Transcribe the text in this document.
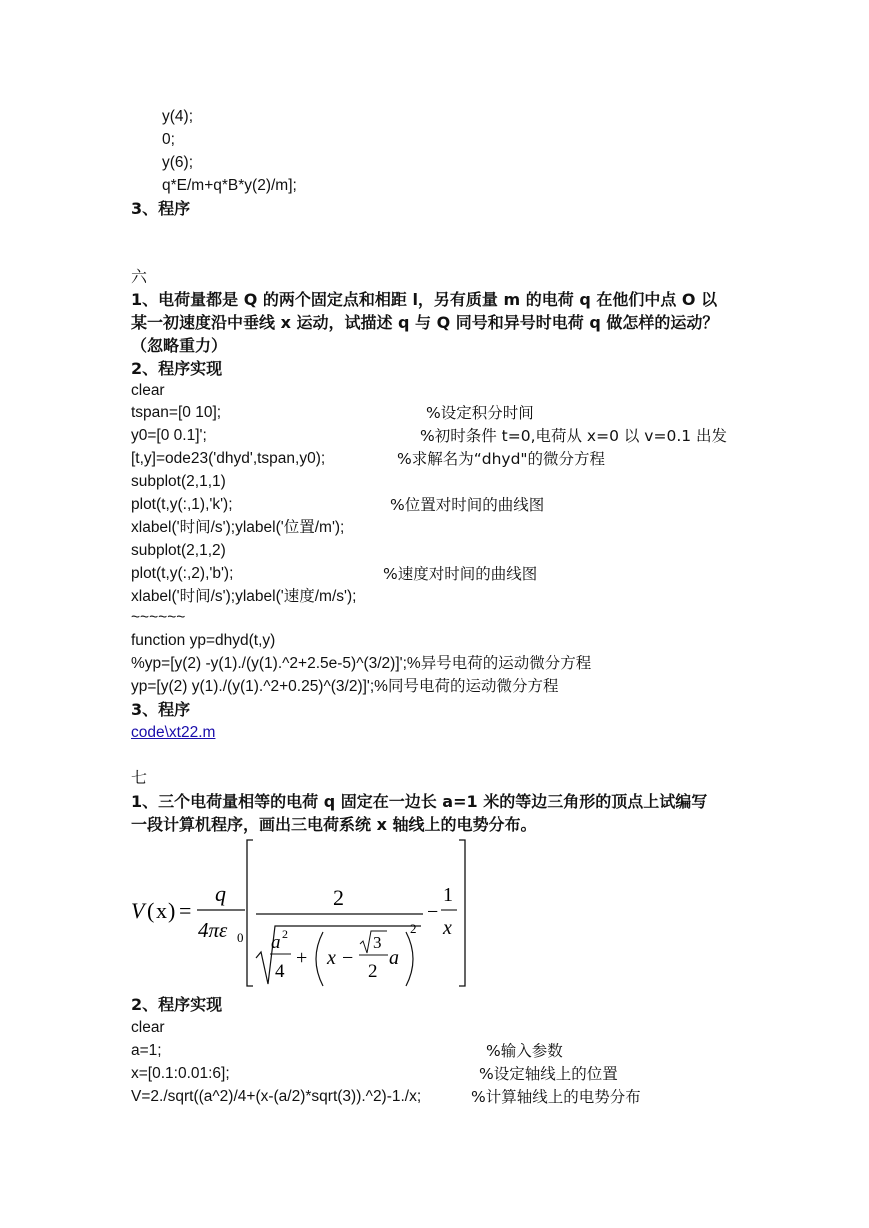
y(4);
0;
y(6);
q*E/m+q*B*y(2)/m];
3、程序
六
1、电荷量都是 Q 的两个固定点和相距 l，另有质量 m 的电荷 q 在他们中点 O 以
某一初速度沿中垂线 x 运动，试描述 q 与 Q 同号和异号时电荷 q 做怎样的运动？
（忽略重力）
2、程序实现
clear
tspan=[0 10];	%设定积分时间
y0=[0 0.1]';	%初时条件 t=0,电荷从 x=0 以 v=0.1 出发
[t,y]=ode23('dhyd',tspan,y0);	%求解名为“dhyd"的微分方程
subplot(2,1,1)
plot(t,y(:,1),'k');	%位置对时间的曲线图
xlabel('时间/s');ylabel('位置/m');
subplot(2,1,2)
plot(t,y(:,2),'b');	%速度对时间的曲线图
xlabel('时间/s');ylabel('速度/m/s');
~~~~~~
function yp=dhyd(t,y)
%yp=[y(2) -y(1)./(y(1).^2+2.5e-5)^(3/2)]';%异号电荷的运动微分方程
yp=[y(2) y(1)./(y(1).^2+0.25)^(3/2)]';%同号电荷的运动微分方程
3、程序
code\xt22.m
七
1、三个电荷量相等的电荷 q 固定在一边长 a=1 米的等边三角形的顶点上试编写
一段计算机程序，画出三电荷系统 x 轴线上的电势分布。
V ( x ) =
q
4πε 0
2
a 2
4
+ x −
3
2
a
2
−
1
x
2、程序实现
clear
a=1;	%输入参数
x=[0.1:0.01:6];	%设定轴线上的位置
V=2./sqrt((a^2)/4+(x-(a/2)*sqrt(3)).^2)-1./x;	%计算轴线上的电势分布
